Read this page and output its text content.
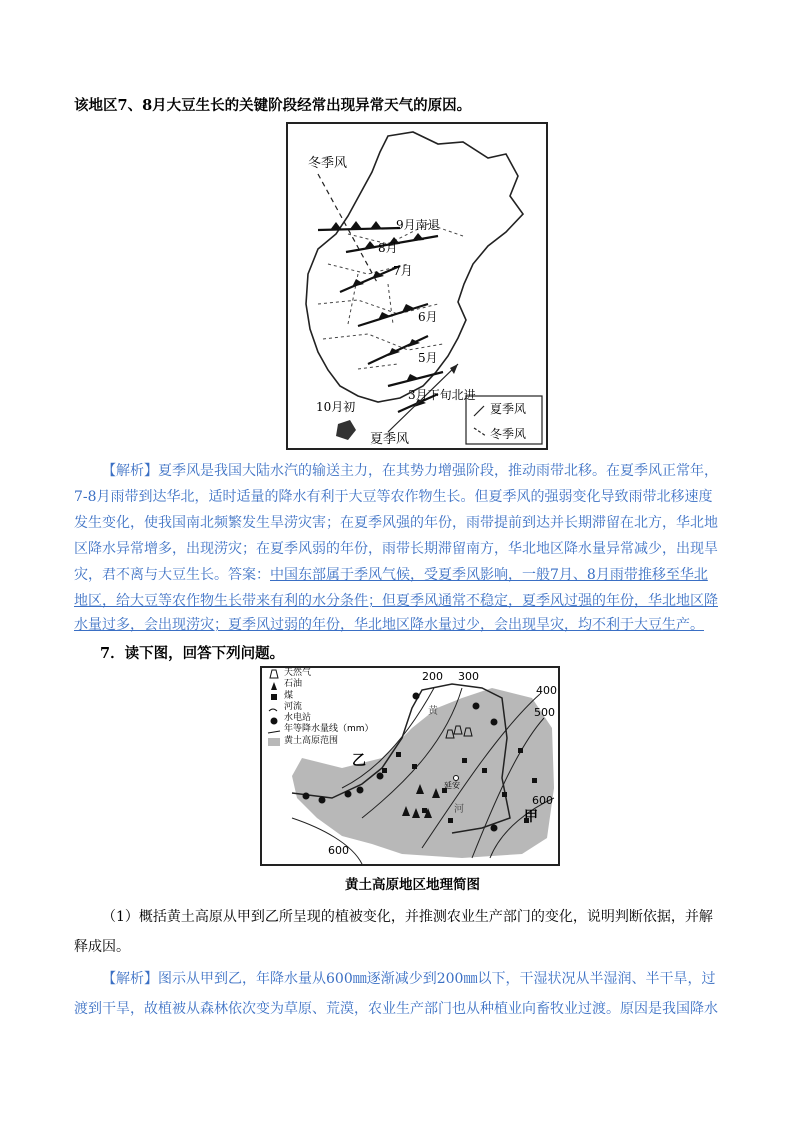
该地区7、8月大豆生长的关键阶段经常出现异常天气的原因。
冬季风
9月南退
8月
7月
6月
5月
3月下旬北进
10月初
夏季风
夏季风
冬季风
【解析】夏季风是我国大陆水汽的输送主力，在其势力增强阶段，推动雨带北移。在夏季风正常年，
7-8月雨带到达华北，适时适量的降水有利于大豆等农作物生长。但夏季风的强弱变化导致雨带北移速度
发生变化，使我国南北频繁发生旱涝灾害；在夏季风强的年份，雨带提前到达并长期滞留在北方，华北地
区降水异常增多，出现涝灾；在夏季风弱的年份，雨带长期滞留南方，华北地区降水量异常减少，出现旱
灾，君不离与大豆生长。答案：中国东部属于季风气候，受夏季风影响，一般7月、8月雨带推移至华北
地区，给大豆等农作物生长带来有利的水分条件；但夏季风通常不稳定，夏季风过强的年份，华北地区降
水量过多，会出现涝灾；夏季风过弱的年份，华北地区降水量过少，会出现旱灾，均不利于大豆生产。
7．读下图，回答下列问题。
天然气
石油
煤
河流
水电站
年等降水量线（mm）
黄土高原范围
200 300
400
500
600
600
乙
甲
延安
河
黄
黄土高原地区地理简图
（1）概括黄土高原从甲到乙所呈现的植被变化，并推测农业生产部门的变化，说明判断依据，并解
释成因。
【解析】图示从甲到乙，年降水量从600㎜逐渐减少到200㎜以下，干湿状况从半湿润、半干旱，过
渡到干旱，故植被从森林依次变为草原、荒漠，农业生产部门也从种植业向畜牧业过渡。原因是我国降水
